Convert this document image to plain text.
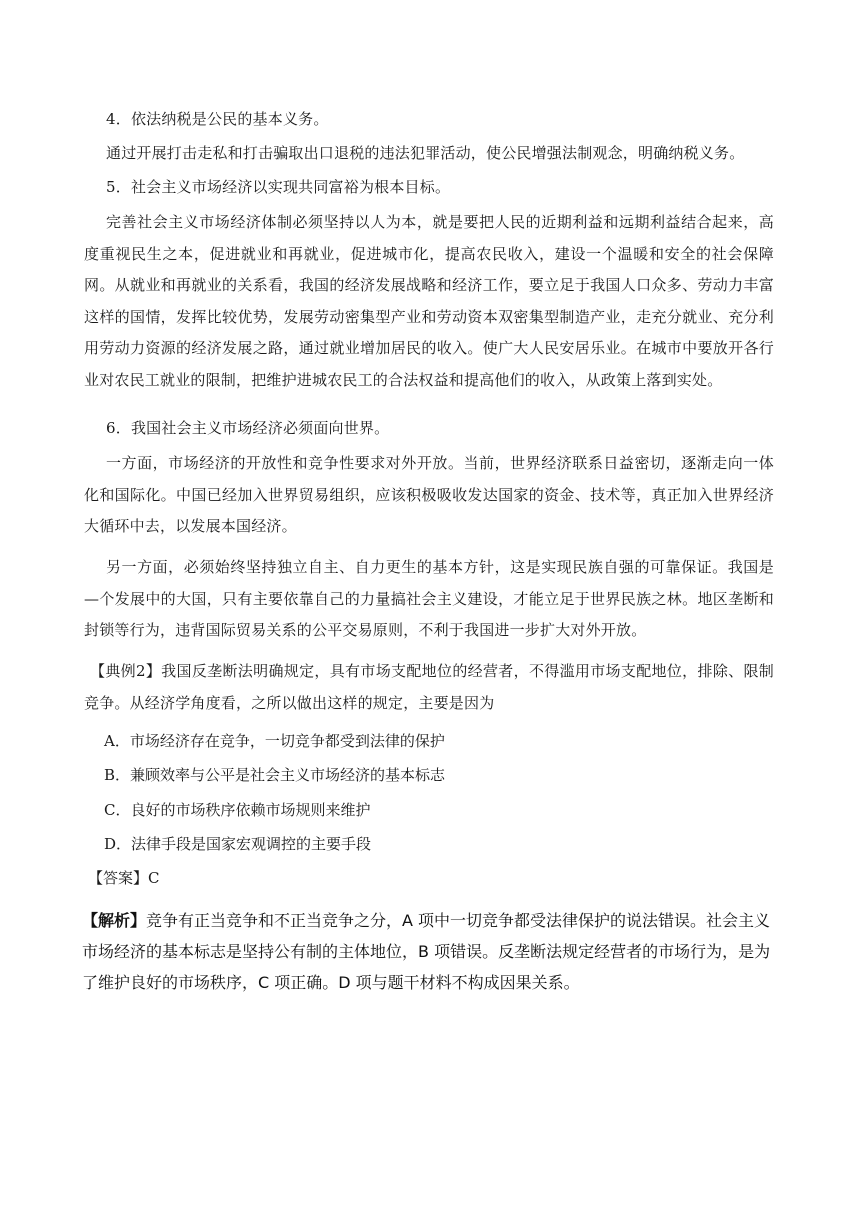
4．依法纳税是公民的基本义务。

通过开展打击走私和打击骗取出口退税的违法犯罪活动，使公民增强法制观念，明确纳税义务。

5．社会主义市场经济以实现共同富裕为根本目标。

完善社会主义市场经济体制必须坚持以人为本，就是要把人民的近期利益和远期利益结合起来，高度重视民生之本，促进就业和再就业，促进城市化，提高农民收入，建设一个温暖和安全的社会保障网。从就业和再就业的关系看，我国的经济发展战略和经济工作，要立足于我国人口众多、劳动力丰富这样的国情，发挥比较优势，发展劳动密集型产业和劳动资本双密集型制造产业，走充分就业、充分利用劳动力资源的经济发展之路，通过就业增加居民的收入。使广大人民安居乐业。在城市中要放开各行业对农民工就业的限制，把维护进城农民工的合法权益和提高他们的收入，从政策上落到实处。

6．我国社会主义市场经济必须面向世界。

一方面，市场经济的开放性和竞争性要求对外开放。当前，世界经济联系日益密切，逐渐走向一体化和国际化。中国已经加入世界贸易组织，应该积极吸收发达国家的资金、技术等，真正加入世界经济大循环中去，以发展本国经济。

另一方面，必须始终坚持独立自主、自力更生的基本方针，这是实现民族自强的可靠保证。我国是—个发展中的大国，只有主要依靠自己的力量搞社会主义建设，才能立足于世界民族之林。地区垄断和封锁等行为，违背国际贸易关系的公平交易原则，不利于我国进一步扩大对外开放。

【典例2】我国反垄断法明确规定，具有市场支配地位的经营者，不得滥用市场支配地位，排除、限制竞争。从经济学角度看，之所以做出这样的规定，主要是因为

A．市场经济存在竞争，一切竞争都受到法律的保护

B．兼顾效率与公平是社会主义市场经济的基本标志

C．良好的市场秩序依赖市场规则来维护

D．法律手段是国家宏观调控的主要手段

【答案】C

【解析】竞争有正当竞争和不正当竞争之分，A 项中一切竞争都受法律保护的说法错误。社会主义市场经济的基本标志是坚持公有制的主体地位，B 项错误。反垄断法规定经营者的市场行为，是为了维护良好的市场秩序，C 项正确。D 项与题干材料不构成因果关系。
